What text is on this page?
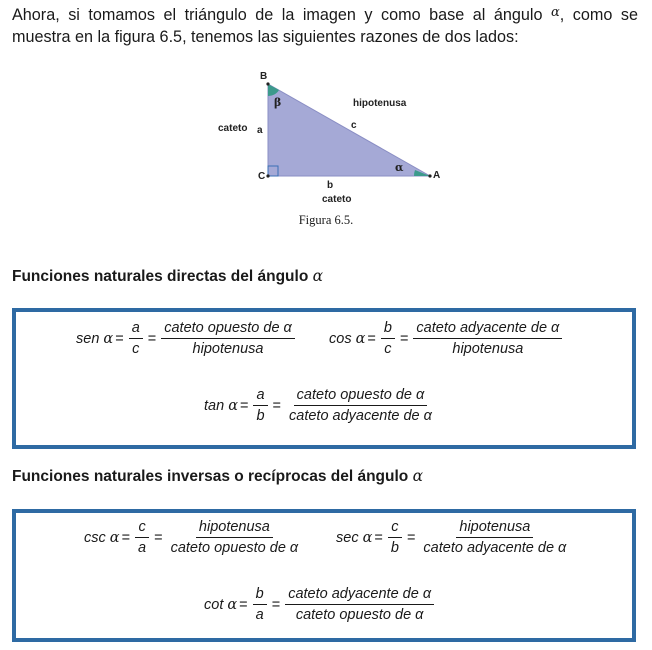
Ahora, si tomamos el triángulo de la imagen y como base al ángulo $^\alpha$, como se muestra en la figura 6.5, tenemos las siguientes razones de dos lados:

B
A
C
β
α
hipotenusa
c
cateto a
b
cateto
Figura 6.5.

Funciones naturales directas del ángulo α

sen
$\alpha = \frac{a}{c} = \frac{\text{cateto opuesto de α}}{\text{hipotenusa}}$ cos
$\alpha = \frac{b}{c} = \frac{\text{cateto adyacente de α}}{\text{hipotenusa}}$
tan
$\alpha = \frac{a}{b} = \frac{\text{cateto opuesto de α}}{\text{cateto adyacente de α}}$

Funciones naturales inversas o recíprocas del ángulo α

csc
$\alpha = \frac{c}{a} = \frac{\text{hipotenusa}}{\text{cateto opuesto de α}}$ sec
$\alpha = \frac{c}{b} = \frac{\text{hipotenusa}}{\text{cateto adyacente de α}}$
cot
$\alpha = \frac{b}{a} = \frac{\text{cateto adyacente de α}}{\text{cateto opuesto de α}}$
